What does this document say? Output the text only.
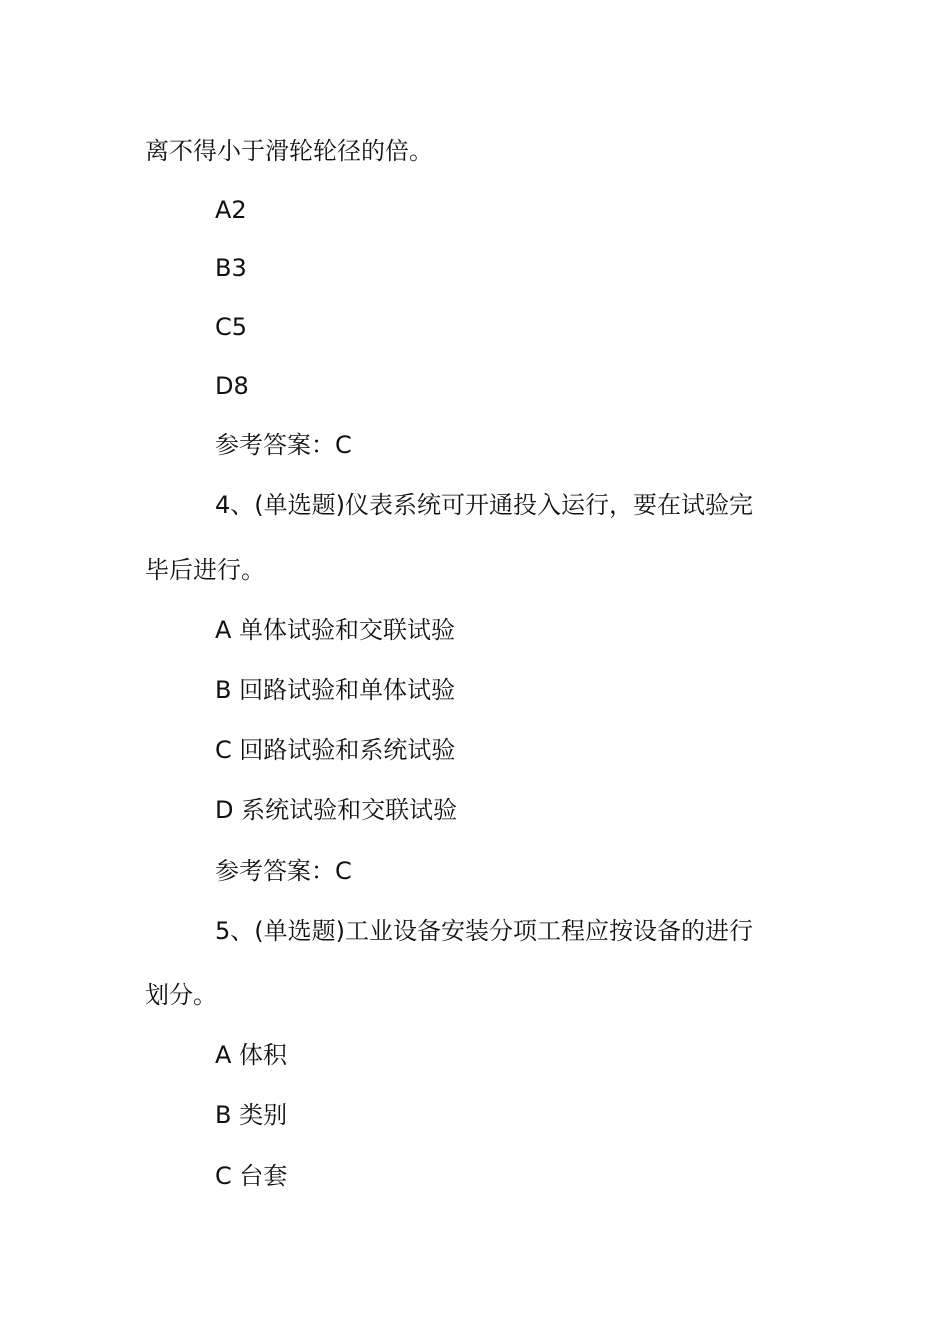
离不得小于滑轮轮径的倍。
A2
B3
C5
D8
参考答案：C
4、(单选题)仪表系统可开通投入运行，要在试验完
毕后进行。
A 单体试验和交联试验
B 回路试验和单体试验
C 回路试验和系统试验
D 系统试验和交联试验
参考答案：C
5、(单选题)工业设备安装分项工程应按设备的进行
划分。
A 体积
B 类别
C 台套
